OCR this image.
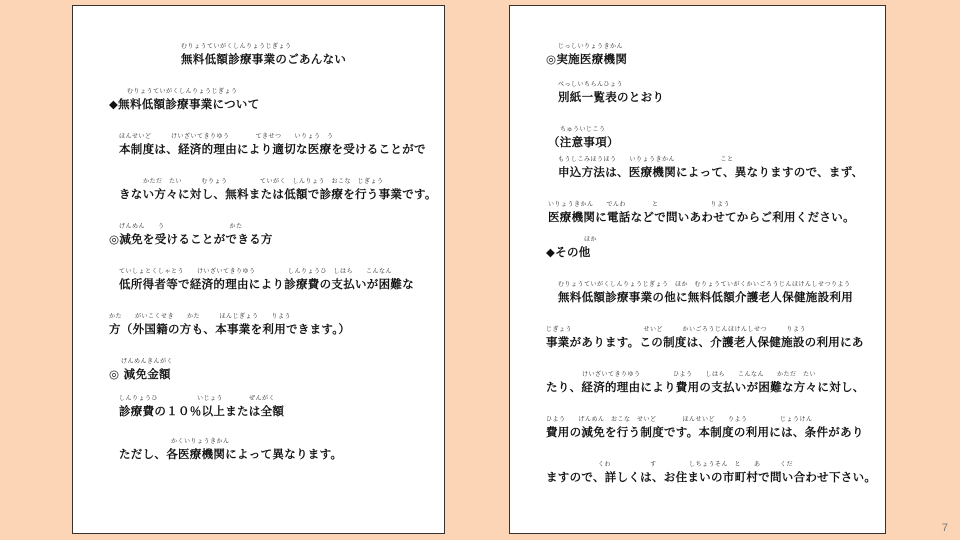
むりょうていがくしんりょうじぎょう
無料低額診療事業のごあんない
むりょうていがくしんりょうじぎょう
◆無料低額診療事業について
ほんせいど　　　けいざいてきりゆう　　　　てきせつ　　いりょう　う
本制度は、経済的理由により適切な医療を受けることがで
かただ　たい　　　むりょう　　　　　ていがく　しんりょう　おこな　じぎょう
きない方々に対し、無料または低額で診療を行う事業です。
げんめん　　う　　　　　　　　　　かた
◎減免を受けることができる方
ていしょとくしゃとう　　けいざいてきりゆう　　　　　しんりょうひ　しはら　　こんなん
低所得者等で経済的理由により診療費の支払いが困難な
かた　　がいこくせき　　かた　　　ほんじぎょう　　りよう
方（外国籍の方も、本事業を利用できます。）
げんめんきんがく
◎ 減免金額
しんりょうひ　　　　　　いじょう　　　　ぜんがく
診療費の１０％以上または全額
かくいりょうきかん
ただし、各医療機関によって異なります。
じっしいりょうきかん
◎実施医療機関
べっしいちらんひょう
別紙一覧表のとおり
ちゅういじこう
（注意事項）
もうしこみほうほう　　いりょうきかん　　　　　　　こと
申込方法は、医療機関によって、異なりますので、まず、
いりょうきかん　　でんわ　　　　と　　　　　　　　りよう
医療機関に電話などで問いあわせてからご利用ください。
ほか
◆その他
むりょうていがくしんりょうじぎょう　ほか　むりょうていがくかいごろうじんほけんしせつりよう
無料低額診療事業の他に無料低額介護老人保健施設利用
じぎょう　　　　　　　　　　　せいど　　　かいごろうじんほけんしせつ　　　りよう
事業があります。この制度は、介護老人保健施設の利用にあ
けいざいてきりゆう　　　　　ひよう　　しはら　　こんなん　　かただ　たい
たり、経済的理由により費用の支払いが困難な方々に対し、
ひよう　　げんめん　おこな　せいど　　　　ほんせいど　　りよう　　　　　じょうけん
費用の減免を行う制度です。本制度の利用には、条件があり
くわ　　　　　　す　　　　　しちょうそん　と　　あ　　　くだ
ますので、詳しくは、お住まいの市町村で問い合わせ下さい。
7
